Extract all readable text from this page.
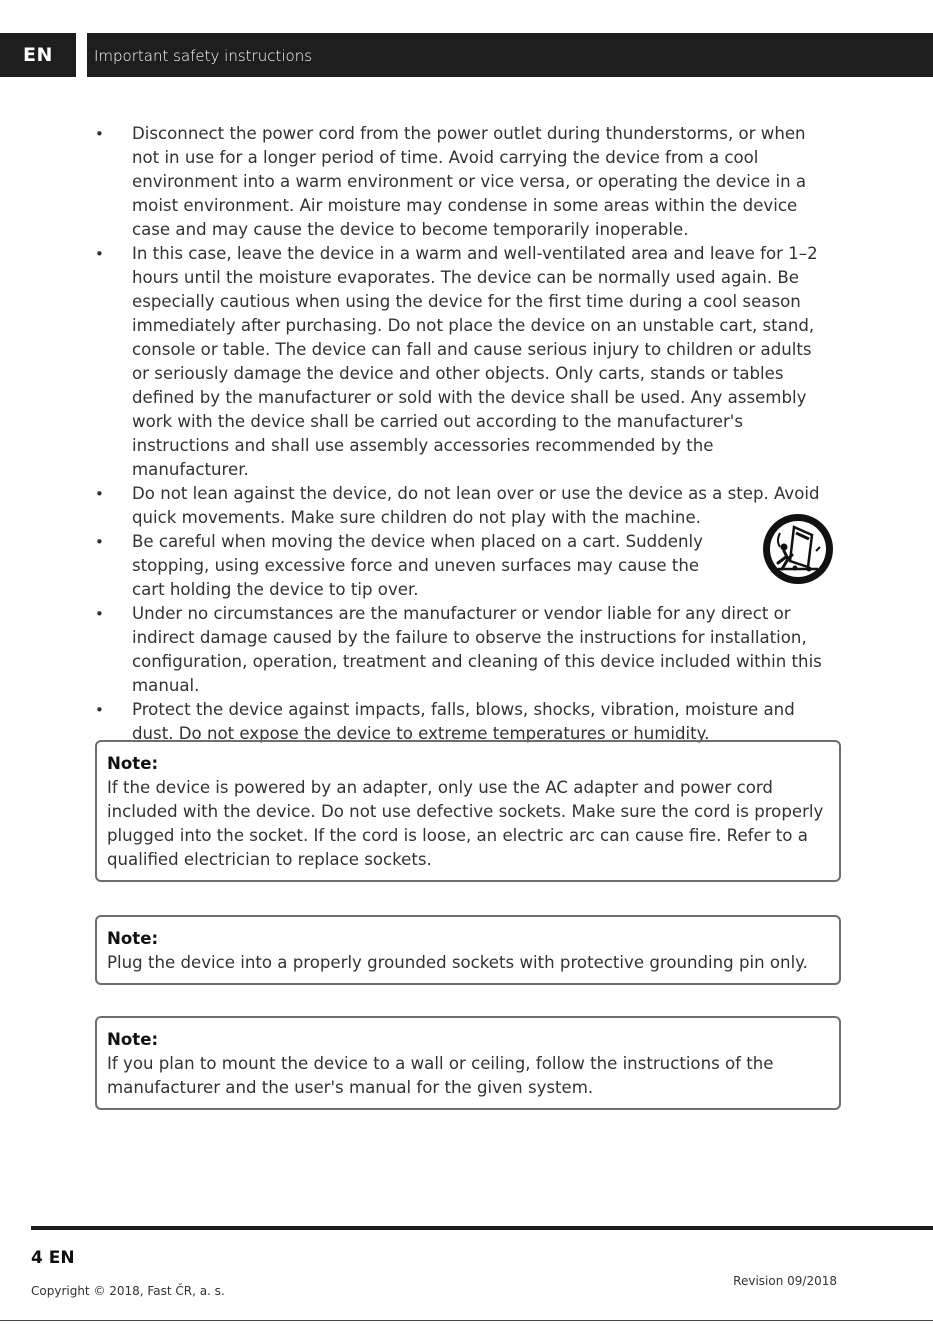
EN	Important safety instructions
• Disconnect the power cord from the power outlet during thunderstorms, or when not in use for a longer period of time. Avoid carrying the device from a cool environment into a warm environment or vice versa, or operating the device in a moist environment. Air moisture may condense in some areas within the device case and may cause the device to become temporarily inoperable.
• In this case, leave the device in a warm and well-ventilated area and leave for 1–2 hours until the moisture evaporates. The device can be normally used again. Be especially cautious when using the device for the first time during a cool season immediately after purchasing. Do not place the device on an unstable cart, stand, console or table. The device can fall and cause serious injury to children or adults or seriously damage the device and other objects. Only carts, stands or tables defined by the manufacturer or sold with the device shall be used. Any assembly work with the device shall be carried out according to the manufacturer's instructions and shall use assembly accessories recommended by the manufacturer.
• Do not lean against the device, do not lean over or use the device as a step. Avoid quick movements. Make sure children do not play with the machine.
• Be careful when moving the device when placed on a cart. Suddenly stopping, using excessive force and uneven surfaces may cause the cart holding the device to tip over.
• Under no circumstances are the manufacturer or vendor liable for any direct or indirect damage caused by the failure to observe the instructions for installation, configuration, operation, treatment and cleaning of this device included within this manual.
• Protect the device against impacts, falls, blows, shocks, vibration, moisture and dust. Do not expose the device to extreme temperatures or humidity.
Note:
If the device is powered by an adapter, only use the AC adapter and power cord included with the device. Do not use defective sockets. Make sure the cord is properly plugged into the socket. If the cord is loose, an electric arc can cause fire. Refer to a qualified electrician to replace sockets.
Note:
Plug the device into a properly grounded sockets with protective grounding pin only.
Note:
If you plan to mount the device to a wall or ceiling, follow the instructions of the manufacturer and the user's manual for the given system.
4 EN
Copyright © 2018, Fast ČR, a. s.
Revision 09/2018
